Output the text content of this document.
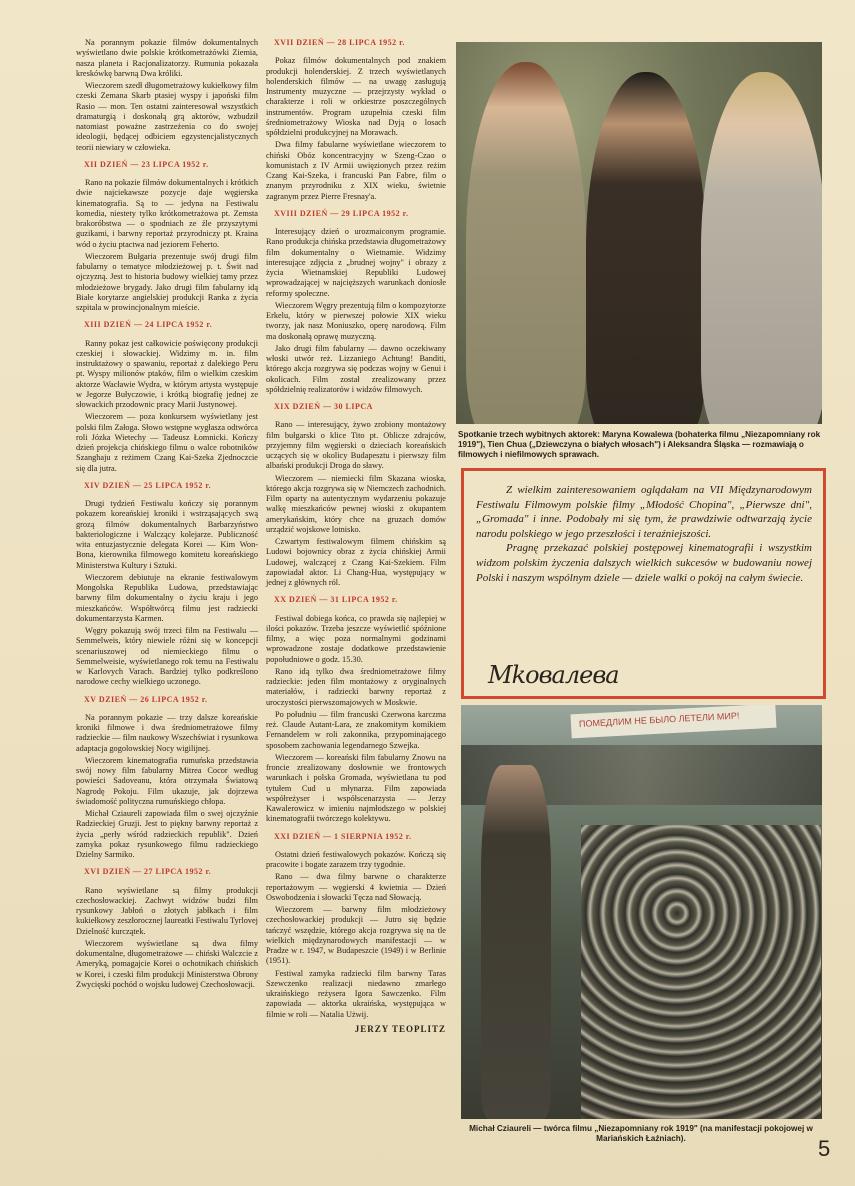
Na porannym pokazie filmów dokumentalnych wyświetlano dwie polskie krótkometrażówki Ziemia, nasza planeta i Racjonalizatorzy. Rumunia pokazała kreskówkę barwną Dwa króliki.

Wieczorem szedł długometrażowy kukiełkowy film czeski Zemana Skarb ptasiej wyspy i japoński film Rasio — mon. Ten ostatni zainteresował wszystkich dramaturgią i doskonałą grą aktorów, wzbudził natomiast poważne zastrzeżenia co do swojej ideologii, będącej odbiciem egzystencjalistycznych teorii niewiary w człowieka.

XII DZIEŃ — 23 LIPCA 1952 r.

Rano na pokazie filmów dokumentalnych i krótkich dwie najciekawsze pozycje daje węgierska kinematografia. Są to — jedyna na Festiwalu komedia, niestety tylko krótkometrażowa pt. Zemsta brakoróbstwa — o spodniach ze źle przyszytymi guzikami, i barwny reportaż przyrodniczy pt. Kraina wód o życiu ptactwa nad jeziorem Feherto.

Wieczorem Bułgaria prezentuje swój drugi film fabularny o tematyce młodzieżowej p. t. Świt nad ojczyzną. Jest to historia budowy wielkiej tamy przez młodzieżowe brygady. Jako drugi film fabularny idą Białe korytarze angielskiej produkcji Ranka z życia szpitala w prowincjonalnym mieście.

XIII DZIEŃ — 24 LIPCA 1952 r.

Ranny pokaz jest całkowicie poświęcony produkcji czeskiej i słowackiej. Widzimy m. in. film instruktażowy o spawaniu, reportaż z dalekiego Peru pt. Wyspy milionów ptaków, film o wielkim czeskim aktorze Wacławie Wydra, w którym artysta występuje w Jegorze Bułyczowie, i krótką biografię jednej ze słowackich przodownic pracy Marii Justynowej.

Wieczorem — poza konkursem wyświetlany jest polski film Załoga. Słowo wstępne wygłasza odtwórca roli Józka Wietechy — Tadeusz Łomnicki. Kończy dzień projekcja chińskiego filmu o walce robotników Szanghaju z reżimem Czang Kai-Szeka Zjednoczcie się dla jutra.

XIV DZIEŃ — 25 LIPCA 1952 r.

Drugi tydzień Festiwalu kończy się porannym pokazem koreańskiej kroniki i wstrząsających swą grozą filmów dokumentalnych Barbarzyństwo bakteriologiczne i Walczący kolejarze. Publiczność wita entuzjastycznie delegata Korei — Kim Won-Bona, kierownika filmowego komitetu koreańskiego Ministerstwa Kultury i Sztuki.

Wieczorem debiutuje na ekranie festiwalowym Mongolska Republika Ludowa, przedstawiając barwny film dokumentalny o życiu kraju i jego mieszkańców. Współtwórcą filmu jest radziecki dokumentarzysta Karmen.

Węgry pokazują swój trzeci film na Festiwalu — Semmelweis, który niewiele różni się w koncepcji scenariuszowej od niemieckiego filmu o Semmelweisie, wyświetlanego rok temu na Festiwalu w Karlovych Varach. Bardziej tylko podkreślono narodowe cechy wielkiego uczonego.

XV DZIEŃ — 26 LIPCA 1952 r.

Na porannym pokazie — trzy dalsze koreańskie kroniki filmowe i dwa średniometrażowe filmy radzieckie — film naukowy Wszechświat i rysunkowa adaptacja gogolowskiej Nocy wigilijnej.

Wieczorem kinematografia rumuńska przedstawia swój nowy film fabularny Mitrea Cocor według powieści Sadoveanu, która otrzymała Światową Nagrodę Pokoju. Film ukazuje, jak dojrzewa świadomość polityczna rumuńskiego chłopa.

Michał Cziaureli zapowiada film o swej ojczyźnie Radzieckiej Gruzji. Jest to piękny barwny reportaż z życia „perły wśród radzieckich republik". Dzień zamyka pokaz rysunkowego filmu radzieckiego Dzielny Sarmiko.

XVI DZIEŃ — 27 LIPCA 1952 r.

Rano wyświetlane są filmy produkcji czechosłowackiej. Zachwyt widzów budzi film rysunkowy Jabłoń o złotych jabłkach i film kukiełkowy zeszłorocznej laureatki Festiwalu Tyrlovej Dzielność kurczątek.

Wieczorem wyświetlane są dwa filmy dokumentalne, długometrażowe — chiński Walczcie z Ameryką, pomagajcie Korei o ochotnikach chińskich w Korei, i czeski film produkcji Ministerstwa Obrony Zwycięski pochód o wojsku ludowej Czechosłowacji.

XVII DZIEŃ — 28 LIPCA 1952 r.

Pokaz filmów dokumentalnych pod znakiem produkcji holenderskiej. Z trzech wyświetlanych holenderskich filmów — na uwagę zasługują Instrumenty muzyczne — przejrzysty wykład o charakterze i roli w orkiestrze poszczególnych instrumentów. Program uzupełnia czeski film średniometrażowy Wioska nad Dyją o losach spółdzielni produkcyjnej na Morawach.

Dwa filmy fabularne wyświetlane wieczorem to chiński Obóz koncentracyjny w Szeng-Czao o komunistach z IV Armii uwięzionych przez reżim Czang Kai-Szeka, i francuski Pan Fabre, film o znanym przyrodniku z XIX wieku, świetnie zagranym przez Pierre Fresnay'a.

XVIII DZIEŃ — 29 LIPCA 1952 r.

Interesujący dzień o urozmaiconym programie. Rano produkcja chińska przedstawia długometrażowy film dokumentalny o Wietnamie. Widzimy interesujące zdjęcia z „brudnej wojny" i obrazy z życia Wietnamskiej Republiki Ludowej wprowadzającej w najcięższych warunkach doniosłe reformy społeczne.

Wieczorem Węgry prezentują film o kompozytorze Erkelu, który w pierwszej połowie XIX wieku tworzy, jak nasz Moniuszko, operę narodową. Film ma doskonałą oprawę muzyczną.

Jako drugi film fabularny — dawno oczekiwany włoski utwór reż. Lizzaniego Achtung! Banditi, którego akcja rozgrywa się podczas wojny w Genui i okolicach. Film został zrealizowany przez spółdzielnię realizatorów i widzów filmowych.

XIX DZIEŃ — 30 LIPCA

Rano — interesujący, żywo zrobiony montażowy film bułgarski o klice Tito pt. Oblicze zdrajców, przyjemny film węgierski o dzieciach koreańskich uczących się w okolicy Budapesztu i pierwszy film albański produkcji Droga do sławy.

Wieczorem — niemiecki film Skazana wioska, którego akcja rozgrywa się w Niemczech zachodnich. Film oparty na autentycznym wydarzeniu pokazuje walkę mieszkańców pewnej wioski z okupantem amerykańskim, który chce na gruzach domów urządzić wojskowe lotnisko.

Czwartym festiwalowym filmem chińskim są Ludowi bojownicy obraz z życia chińskiej Armii Ludowej, walczącej z Czang Kai-Szekiem. Film zapowiadał aktor. Li Chang-Hua, występujący w jednej z głównych ról.

XX DZIEŃ — 31 LIPCA 1952 r.

Festiwal dobiega końca, co prawda się najlepiej w ilości pokazów. Trzeba jeszcze wyświetlić spóźnione filmy, a więc poza normalnymi godzinami wprowadzone zostaje dodatkowe przedstawienie popołudniowe o godz. 15.30.

Rano idą tylko dwa średniometrażowe filmy radzieckie: jeden film montażowy z oryginalnych materiałów, i radziecki barwny reportaż z uroczystości pierwszomajowych w Moskwie.

Po południu — film francuski Czerwona karczma reż. Claude Autant-Lara, ze znakomitym komikiem Fernandelem w roli zakonnika, przypominającego sposobem zachowania legendarnego Szwejka.

Wieczorem — koreański film fabularny Znowu na froncie zrealizowany dosłownie we frontowych warunkach i polska Gromada, wyświetlana tu pod tytułem Cud u młynarza. Film zapowiada współreżyser i współscenarzysta — Jerzy Kawalerowicz w imieniu najmłodszego w polskiej kinematografii twórczego kolektywu.

XXI DZIEŃ — 1 SIERPNIA 1952 r.

Ostatni dzień festiwalowych pokazów. Kończą się pracowite i bogate zarazem trzy tygodnie.

Rano — dwa filmy barwne o charakterze reportażowym — węgierski 4 kwietnia — Dzień Oswobodzenia i słowacki Tęcza nad Słowacją.

Wieczorem — barwny film młodzieżowy czechosłowackiej produkcji — Jutro się będzie tańczyć wszędzie, którego akcja rozgrywa się na tle wielkich międzynarodowych manifestacji — w Pradze w r. 1947, w Budapeszcie (1949) i w Berlinie (1951).

Festiwal zamyka radziecki film barwny Taras Szewczenko realizacji niedawno zmarłego ukraińskiego reżysera Igora Sawczenko. Film zapowiada — aktorka ukraińska, występująca w filmie w roli — Natalia Użwij.

JERZY TEOPLITZ
Spotkanie trzech wybitnych aktorek: Maryna Kowalewa (bohaterka filmu „Niezapomniany rok 1919"), Tien Chua („Dziewczyna o białych włosach") i Aleksandra Śląska — rozmawiają o filmowych i niefilmowych sprawach.

Z wielkim zainteresowaniem oglądałam na VII Międzynarodowym Festiwalu Filmowym polskie filmy „Młodość Chopina", „Pierwsze dni", „Gromada" i inne. Podobały mi się tym, że prawdziwie odtwarzają życie narodu polskiego w jego przeszłości i teraźniejszości.

Pragnę przekazać polskiej postępowej kinematografii i wszystkim widzom polskim życzenia dalszych wielkich sukcesów w budowaniu nowej Polski i naszym wspólnym dziele — dziele walki o pokój na całym świecie.

Мkoвалева
ПОМЕДЛИМ НЕ БЫЛО ЛЕТЕЛИ МИР!
Michał Cziaureli — twórca filmu „Niezapomniany rok 1919" (na manifestacji pokojowej w Mariańskich Łaźniach).	5
